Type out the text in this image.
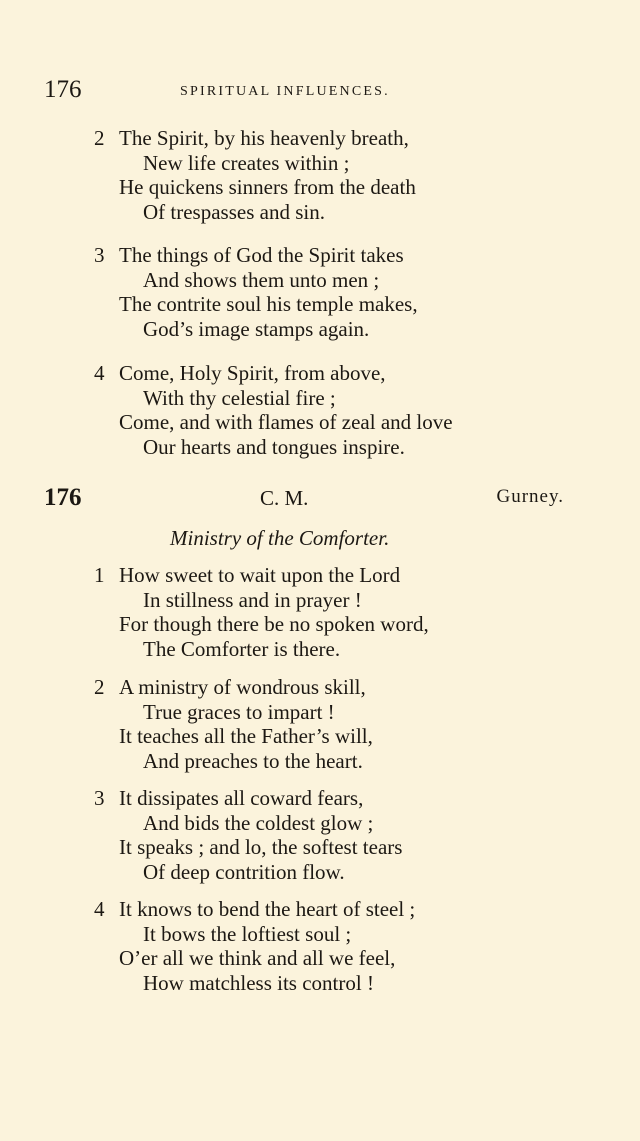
176	SPIRITUAL INFLUENCES.
2 The Spirit, by his heavenly breath,
New life creates within ;
He quickens sinners from the death
Of trespasses and sin.
3 The things of God the Spirit takes
And shows them unto men ;
The contrite soul his temple makes,
God’s image stamps again.
4 Come, Holy Spirit, from above,
With thy celestial fire ;
Come, and with flames of zeal and love
Our hearts and tongues inspire.
176	C. M.	Gurney.
Ministry of the Comforter.
1 How sweet to wait upon the Lord
In stillness and in prayer !
For though there be no spoken word,
The Comforter is there.
2 A ministry of wondrous skill,
True graces to impart !
It teaches all the Father’s will,
And preaches to the heart.
3 It dissipates all coward fears,
And bids the coldest glow ;
It speaks ; and lo, the softest tears
Of deep contrition flow.
4 It knows to bend the heart of steel ;
It bows the loftiest soul ;
O’er all we think and all we feel,
How matchless its control !
